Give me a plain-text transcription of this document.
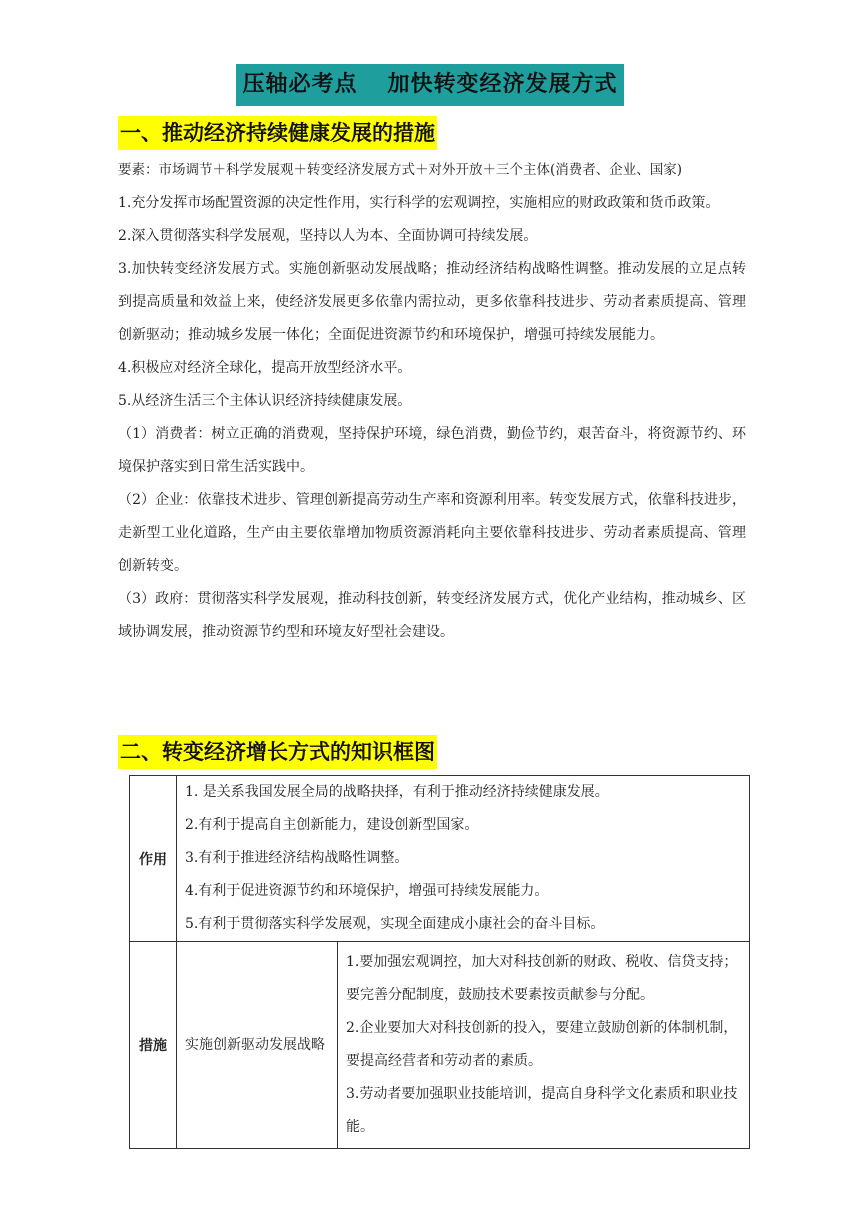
压轴必考点 加快转变经济发展方式
一、推动经济持续健康发展的措施

要素：市场调节＋科学发展观＋转变经济发展方式＋对外开放＋三个主体(消费者、企业、国家)

1.充分发挥市场配置资源的决定性作用，实行科学的宏观调控，实施相应的财政政策和货币政策。

2.深入贯彻落实科学发展观，坚持以人为本、全面协调可持续发展。

3.加快转变经济发展方式。实施创新驱动发展战略；推动经济结构战略性调整。推动发展的立足点转到提高质量和效益上来，使经济发展更多依靠内需拉动，更多依靠科技进步、劳动者素质提高、管理创新驱动；推动城乡发展一体化；全面促进资源节约和环境保护，增强可持续发展能力。

4.积极应对经济全球化，提高开放型经济水平。

5.从经济生活三个主体认识经济持续健康发展。

（1）消费者：树立正确的消费观，坚持保护环境，绿色消费，勤俭节约，艰苦奋斗，将资源节约、环境保护落实到日常生活实践中。

（2）企业：依靠技术进步、管理创新提高劳动生产率和资源利用率。转变发展方式，依靠科技进步，走新型工业化道路，生产由主要依靠增加物质资源消耗向主要依靠科技进步、劳动者素质提高、管理创新转变。

（3）政府：贯彻落实科学发展观，推动科技创新，转变经济发展方式，优化产业结构，推动城乡、区域协调发展，推动资源节约型和环境友好型社会建设。

二、转变经济增长方式的知识框图
作用	1. 是关系我国发展全局的战略抉择，有利于推动经济持续健康发展。

2.有利于提高自主创新能力，建设创新型国家。

3.有利于推进经济结构战略性调整。

4.有利于促进资源节约和环境保护，增强可持续发展能力。

5.有利于贯彻落实科学发展观，实现全面建成小康社会的奋斗目标。	

措施	实施创新驱动发展战略	1.要加强宏观调控，加大对科技创新的财政、税收、信贷支持；要完善分配制度，鼓励技术要素按贡献参与分配。

2.企业要加大对科技创新的投入，要建立鼓励创新的体制机制，要提高经营者和劳动者的素质。

3.劳动者要加强职业技能培训，提高自身科学文化素质和职业技能。
